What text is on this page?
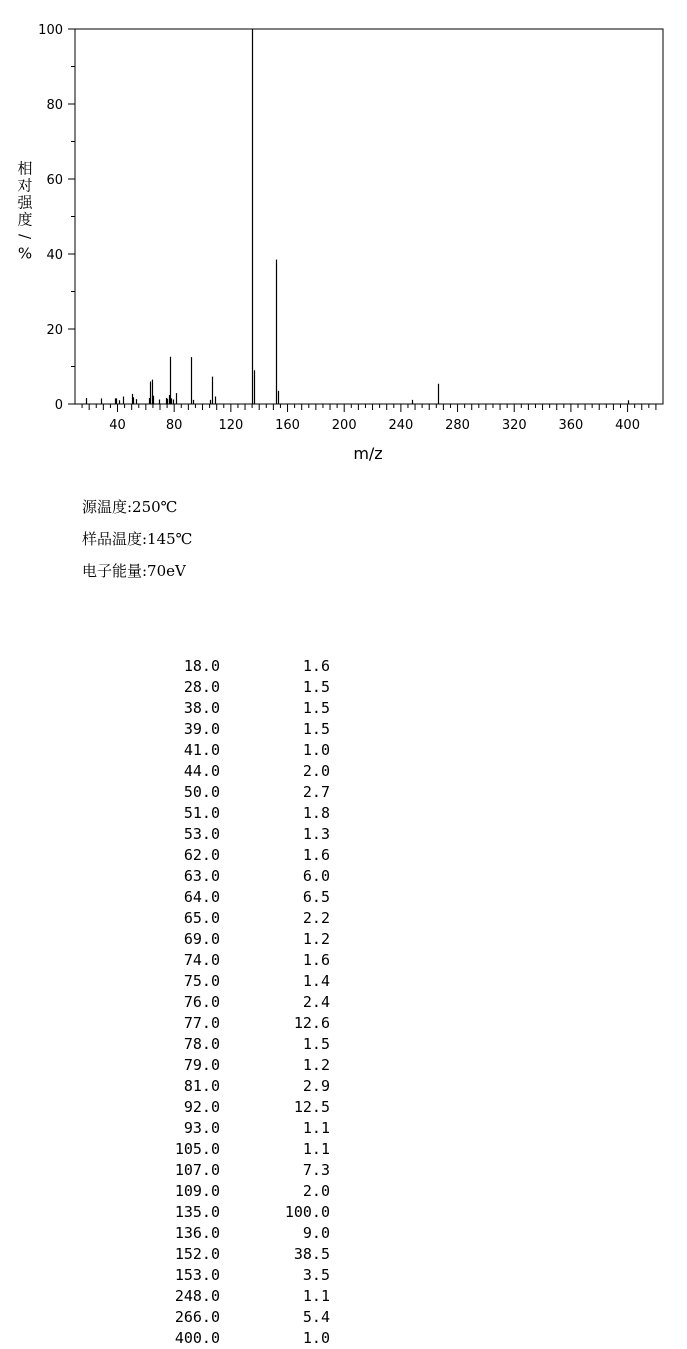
相
对
强
度
/
%
m/z
0
20
40
60
80
100
40	80	120 160 200 240 280 320 360 400
源温度:250℃
样品温度:145℃
电子能量:70eV
18.0	1.6
28.0	1.5
38.0	1.5
39.0	1.5
41.0	1.0
44.0	2.0
50.0	2.7
51.0	1.8
53.0	1.3
62.0	1.6
63.0	6.0
64.0	6.5
65.0	2.2
69.0	1.2
74.0	1.6
75.0	1.4
76.0	2.4
77.0	12.6
78.0	1.5
79.0	1.2
81.0	2.9
92.0	12.5
93.0	1.1
105.0	1.1
107.0	7.3
109.0	2.0
135.0	100.0
136.0	9.0
152.0	38.5
153.0	3.5
248.0	1.1
266.0	5.4
400.0	1.0
